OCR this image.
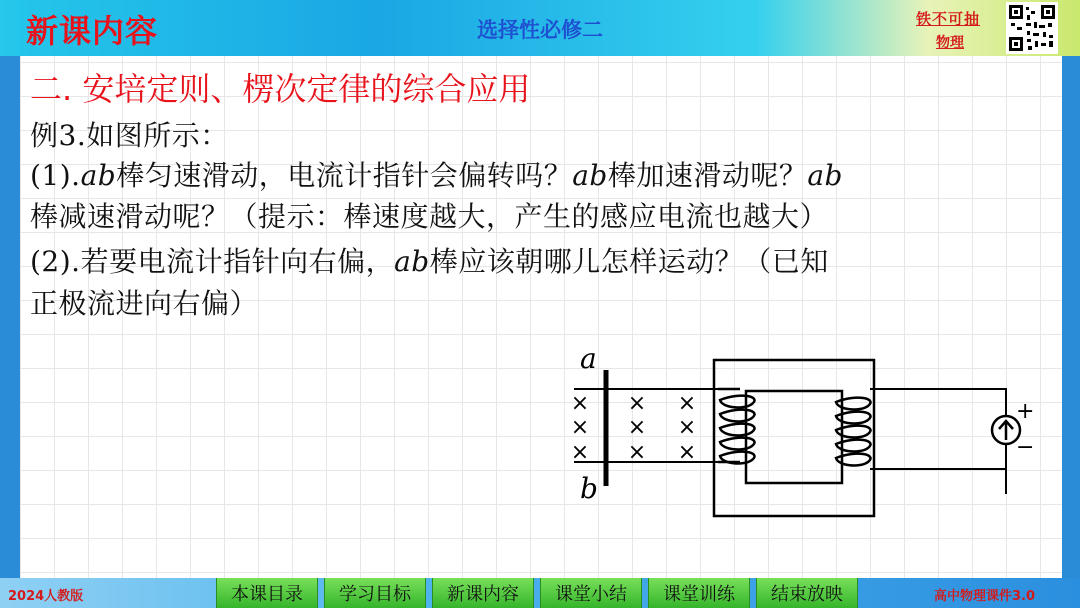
新课内容	选择性必修二	铁不可抽
物理
二. 安培定则、楞次定律的综合应用
例3.如图所示：
(1).ab棒匀速滑动，电流计指针会偏转吗？ab棒加速滑动呢？ab
棒减速滑动呢？（提示：棒速度越大，产生的感应电流也越大）
(2).若要电流计指针向右偏，ab棒应该朝哪儿怎样运动？（已知
正极流进向右偏）
a
b
×
×
×
×
×
×
×
×
×
+
−
2024人教版	本课目录	学习目标	新课内容	课堂小结	课堂训练	结束放映	高中物理课件3.0
